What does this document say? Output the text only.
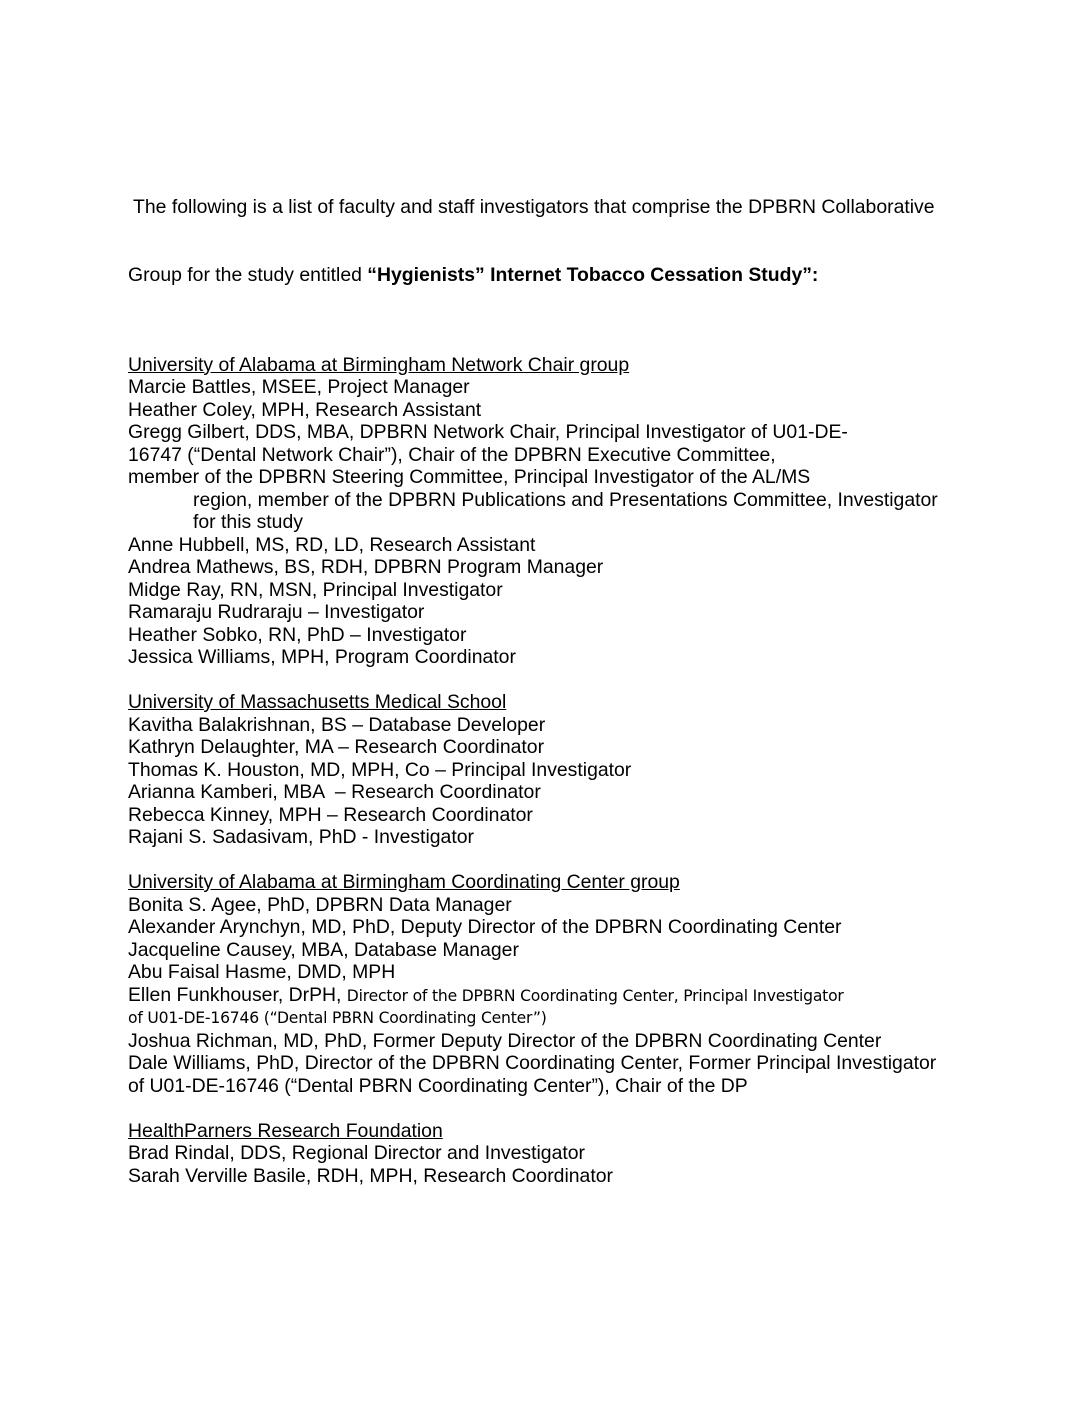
The following is a list of faculty and staff investigators that comprise the DPBRN Collaborative

Group for the study entitled “Hygienists” Internet Tobacco Cessation Study”:

University of Alabama at Birmingham Network Chair group
Marcie Battles, MSEE, Project Manager
Heather Coley, MPH, Research Assistant
Gregg Gilbert, DDS, MBA, DPBRN Network Chair, Principal Investigator of U01-DE-
16747 (“Dental Network Chair”), Chair of the DPBRN Executive Committee,
member of the DPBRN Steering Committee, Principal Investigator of the AL/MS
region, member of the DPBRN Publications and Presentations Committee, Investigator
for this study
Anne Hubbell, MS, RD, LD, Research Assistant
Andrea Mathews, BS, RDH, DPBRN Program Manager
Midge Ray, RN, MSN, Principal Investigator
Ramaraju Rudraraju – Investigator
Heather Sobko, RN, PhD – Investigator
Jessica Williams, MPH, Program Coordinator
University of Massachusetts Medical School
Kavitha Balakrishnan, BS – Database Developer
Kathryn Delaughter, MA – Research Coordinator
Thomas K. Houston, MD, MPH, Co – Principal Investigator
Arianna Kamberi, MBA  – Research Coordinator
Rebecca Kinney, MPH – Research Coordinator
Rajani S. Sadasivam, PhD - Investigator
University of Alabama at Birmingham Coordinating Center group
Bonita S. Agee, PhD, DPBRN Data Manager
Alexander Arynchyn, MD, PhD, Deputy Director of the DPBRN Coordinating Center
Jacqueline Causey, MBA, Database Manager
Abu Faisal Hasme, DMD, MPH
Ellen Funkhouser, DrPH, Director of the DPBRN Coordinating Center, Principal Investigator
of U01-DE-16746 (“Dental PBRN Coordinating Center”)
Joshua Richman, MD, PhD, Former Deputy Director of the DPBRN Coordinating Center
Dale Williams, PhD, Director of the DPBRN Coordinating Center, Former Principal Investigator
of U01-DE-16746 (“Dental PBRN Coordinating Center”), Chair of the DP
HealthParners Research Foundation
Brad Rindal, DDS, Regional Director and Investigator
Sarah Verville Basile, RDH, MPH, Research Coordinator
